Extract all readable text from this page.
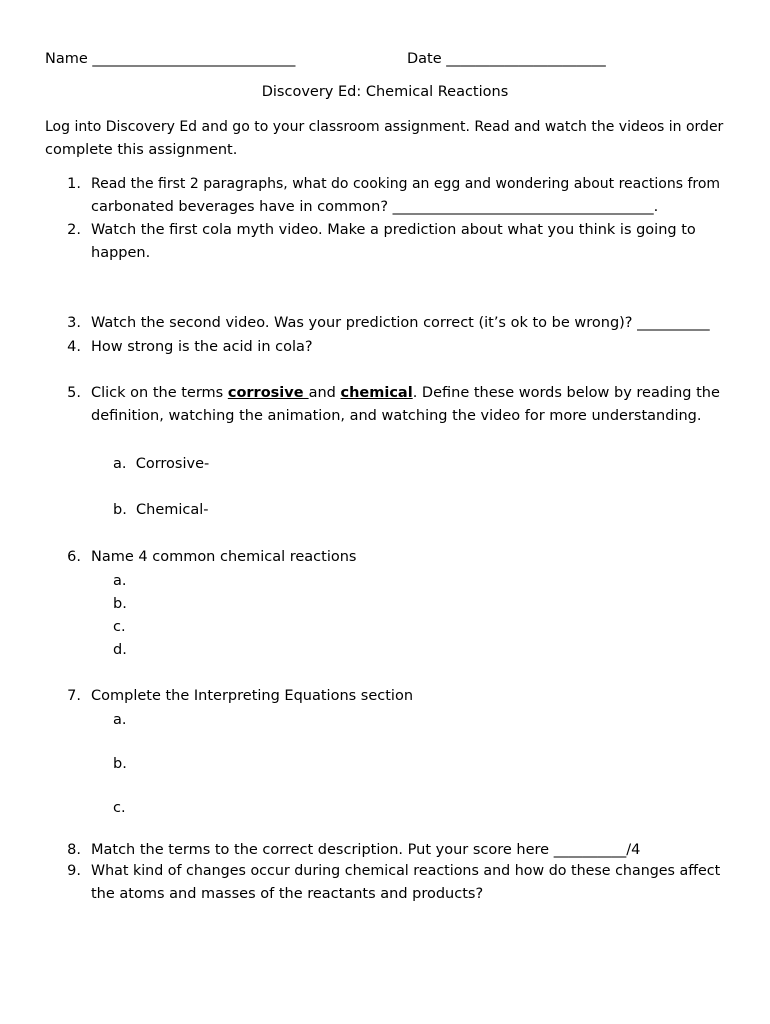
Name ____________________________	Date ______________________
Discovery Ed: Chemical Reactions
Log into Discovery Ed and go to your classroom assignment. Read and watch the videos in order
complete this assignment.
1. Read the first 2 paragraphs, what do cooking an egg and wondering about reactions from
carbonated beverages have in common? ____________________________________.
2. Watch the first cola myth video. Make a prediction about what you think is going to
happen.
3. Watch the second video. Was your prediction correct (it’s ok to be wrong)? __________
4. How strong is the acid in cola?
5. Click on the terms corrosive and chemical. Define these words below by reading the
definition, watching the animation, and watching the video for more understanding.
a.  Corrosive-
b.  Chemical-
6. Name 4 common chemical reactions
a.
b.
c.
d.
7. Complete the Interpreting Equations section
a.
b.
c.
8. Match the terms to the correct description. Put your score here __________/4
9. What kind of changes occur during chemical reactions and how do these changes affect
the atoms and masses of the reactants and products?
